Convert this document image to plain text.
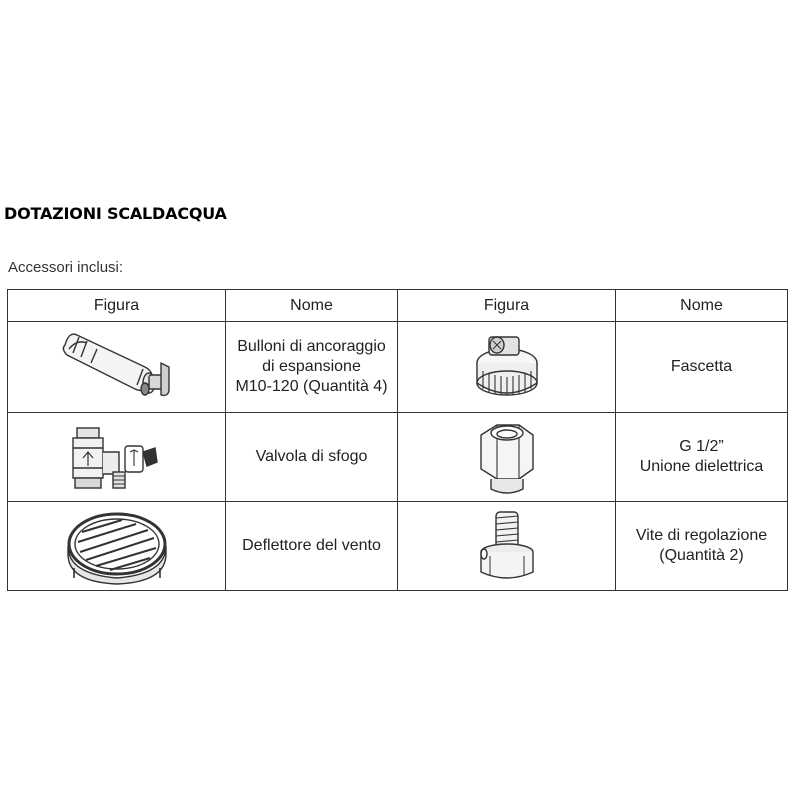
DOTAZIONI SCALDACQUA
Accessori inclusi:
Figura	Nome	Figura	Nome

	Bulloni di ancoraggio
di espansione
M10-120 (Quantità 4)		Fascetta

	Valvola di sfogo		G 1/2”
Unione dielettrica

	Deflettore del vento		Vite di regolazione
(Quantità 2)
